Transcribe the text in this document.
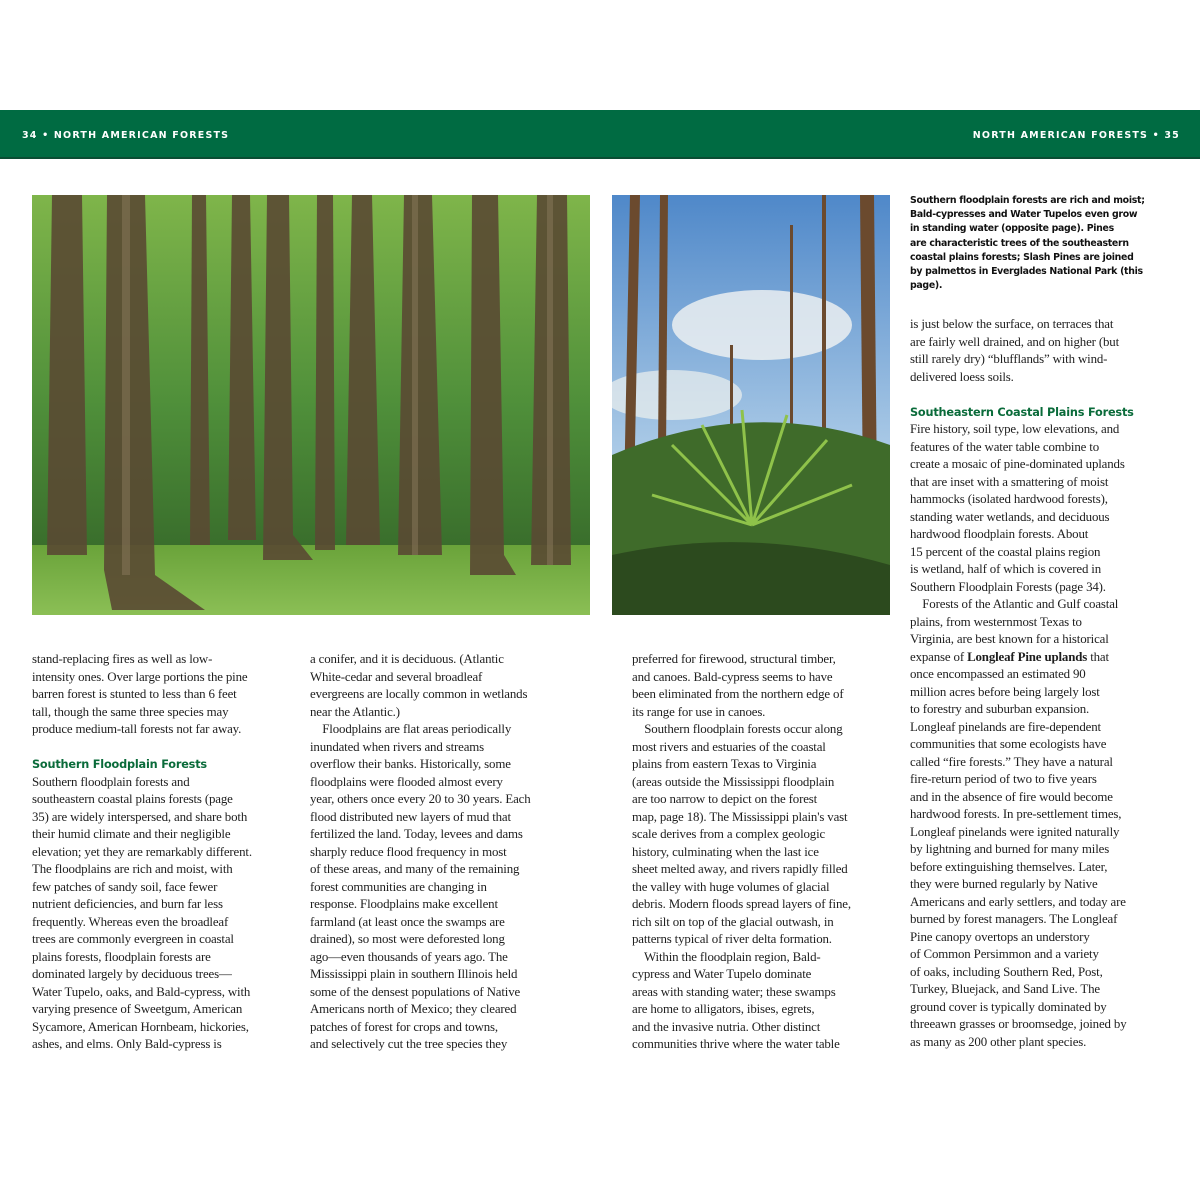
34 • NORTH AMERICAN FORESTS	NORTH AMERICAN FORESTS • 35
Southern floodplain forests are rich and moist;
Bald-cypresses and Water Tupelos even grow
in standing water (opposite page). Pines
are characteristic trees of the southeastern
coastal plains forests; Slash Pines are joined
by palmettos in Everglades National Park (this
page).
stand-replacing fires as well as low-
intensity ones. Over large portions the pine
barren forest is stunted to less than 6 feet
tall, though the same three species may
produce medium-tall forests not far away.
Southern Floodplain Forests
Southern floodplain forests and
southeastern coastal plains forests (page
35) are widely interspersed, and share both
their humid climate and their negligible
elevation; yet they are remarkably different.
The floodplains are rich and moist, with
few patches of sandy soil, face fewer
nutrient deficiencies, and burn far less
frequently. Whereas even the broadleaf
trees are commonly evergreen in coastal
plains forests, floodplain forests are
dominated largely by deciduous trees—
Water Tupelo, oaks, and Bald-cypress, with
varying presence of Sweetgum, American
Sycamore, American Hornbeam, hickories,
ashes, and elms. Only Bald-cypress is
a conifer, and it is deciduous. (Atlantic
White-cedar and several broadleaf
evergreens are locally common in wetlands
near the Atlantic.)
Floodplains are flat areas periodically
inundated when rivers and streams
overflow their banks. Historically, some
floodplains were flooded almost every
year, others once every 20 to 30 years. Each
flood distributed new layers of mud that
fertilized the land. Today, levees and dams
sharply reduce flood frequency in most
of these areas, and many of the remaining
forest communities are changing in
response. Floodplains make excellent
farmland (at least once the swamps are
drained), so most were deforested long
ago—even thousands of years ago. The
Mississippi plain in southern Illinois held
some of the densest populations of Native
Americans north of Mexico; they cleared
patches of forest for crops and towns,
and selectively cut the tree species they
preferred for firewood, structural timber,
and canoes. Bald-cypress seems to have
been eliminated from the northern edge of
its range for use in canoes.
Southern floodplain forests occur along
most rivers and estuaries of the coastal
plains from eastern Texas to Virginia
(areas outside the Mississippi floodplain
are too narrow to depict on the forest
map, page 18). The Mississippi plain's vast
scale derives from a complex geologic
history, culminating when the last ice
sheet melted away, and rivers rapidly filled
the valley with huge volumes of glacial
debris. Modern floods spread layers of fine,
rich silt on top of the glacial outwash, in
patterns typical of river delta formation.
Within the floodplain region, Bald-
cypress and Water Tupelo dominate
areas with standing water; these swamps
are home to alligators, ibises, egrets,
and the invasive nutria. Other distinct
communities thrive where the water table
is just below the surface, on terraces that
are fairly well drained, and on higher (but
still rarely dry) “blufflands” with wind-
delivered loess soils.
Southeastern Coastal Plains Forests
Fire history, soil type, low elevations, and
features of the water table combine to
create a mosaic of pine-dominated uplands
that are inset with a smattering of moist
hammocks (isolated hardwood forests),
standing water wetlands, and deciduous
hardwood floodplain forests. About
15 percent of the coastal plains region
is wetland, half of which is covered in
Southern Floodplain Forests (page 34).
Forests of the Atlantic and Gulf coastal
plains, from westernmost Texas to
Virginia, are best known for a historical
expanse of Longleaf Pine uplands that
once encompassed an estimated 90
million acres before being largely lost
to forestry and suburban expansion.
Longleaf pinelands are fire-dependent
communities that some ecologists have
called “fire forests.” They have a natural
fire-return period of two to five years
and in the absence of fire would become
hardwood forests. In pre-settlement times,
Longleaf pinelands were ignited naturally
by lightning and burned for many miles
before extinguishing themselves. Later,
they were burned regularly by Native
Americans and early settlers, and today are
burned by forest managers. The Longleaf
Pine canopy overtops an understory
of Common Persimmon and a variety
of oaks, including Southern Red, Post,
Turkey, Bluejack, and Sand Live. The
ground cover is typically dominated by
threeawn grasses or broomsedge, joined by
as many as 200 other plant species.
